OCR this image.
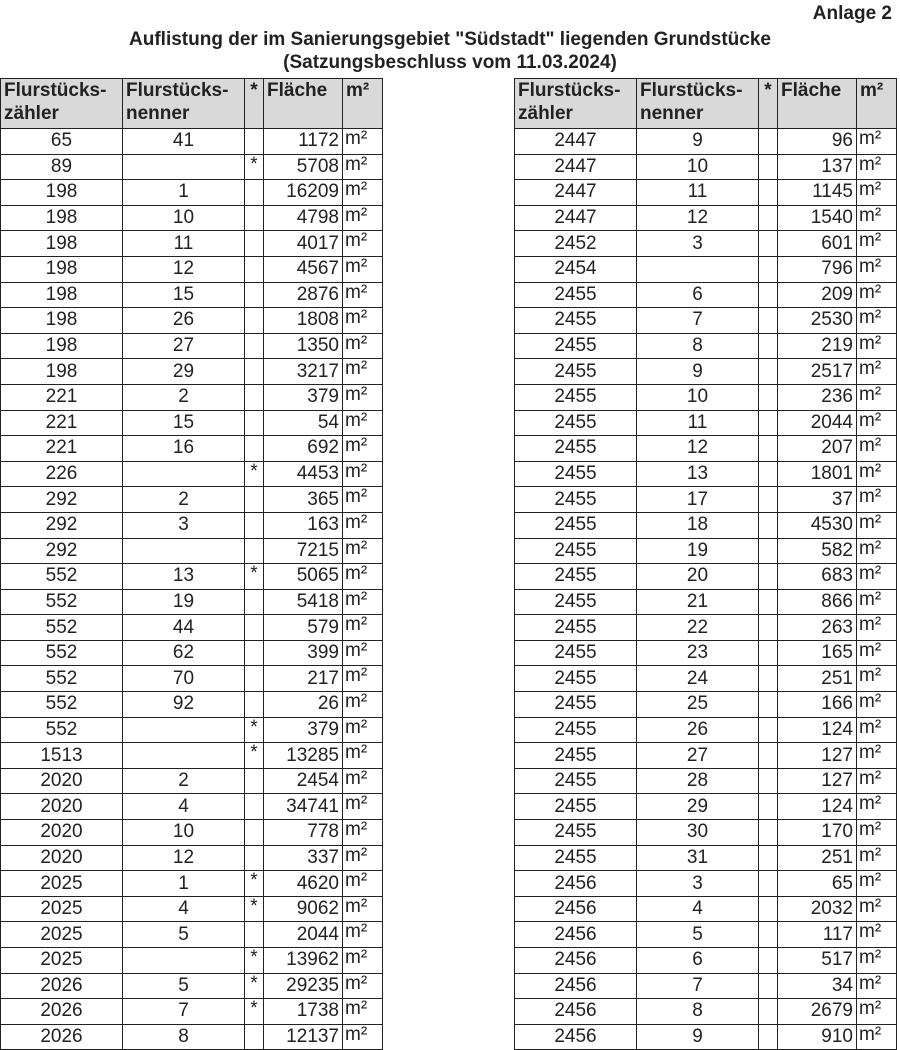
Anlage 2
Auflistung der im Sanierungsgebiet "Südstadt" liegenden Grundstücke
(Satzungsbeschluss vom 11.03.2024)
Flurstücks- zähler	Flurstücks- nenner	*	Fläche	m²
65	41		1172	m²
89		*	5708	m²
198	1		16209	m²
198	10		4798	m²
198	11		4017	m²
198	12		4567	m²
198	15		2876	m²
198	26		1808	m²
198	27		1350	m²
198	29		3217	m²
221	2		379	m²
221	15		54	m²
221	16		692	m²
226		*	4453	m²
292	2		365	m²
292	3		163	m²
292			7215	m²
552	13	*	5065	m²
552	19		5418	m²
552	44		579	m²
552	62		399	m²
552	70		217	m²
552	92		26	m²
552		*	379	m²
1513		*	13285	m²
2020	2		2454	m²
2020	4		34741	m²
2020	10		778	m²
2020	12		337	m²
2025	1	*	4620	m²
2025	4	*	9062	m²
2025	5		2044	m²
2025		*	13962	m²
2026	5	*	29235	m²
2026	7	*	1738	m²
2026	8		12137	m²
Flurstücks- zähler	Flurstücks- nenner	*	Fläche	m²
2447	9		96	m²
2447	10		137	m²
2447	11		1145	m²
2447	12		1540	m²
2452	3		601	m²
2454			796	m²
2455	6		209	m²
2455	7		2530	m²
2455	8		219	m²
2455	9		2517	m²
2455	10		236	m²
2455	11		2044	m²
2455	12		207	m²
2455	13		1801	m²
2455	17		37	m²
2455	18		4530	m²
2455	19		582	m²
2455	20		683	m²
2455	21		866	m²
2455	22		263	m²
2455	23		165	m²
2455	24		251	m²
2455	25		166	m²
2455	26		124	m²
2455	27		127	m²
2455	28		127	m²
2455	29		124	m²
2455	30		170	m²
2455	31		251	m²
2456	3		65	m²
2456	4		2032	m²
2456	5		117	m²
2456	6		517	m²
2456	7		34	m²
2456	8		2679	m²
2456	9		910	m²
